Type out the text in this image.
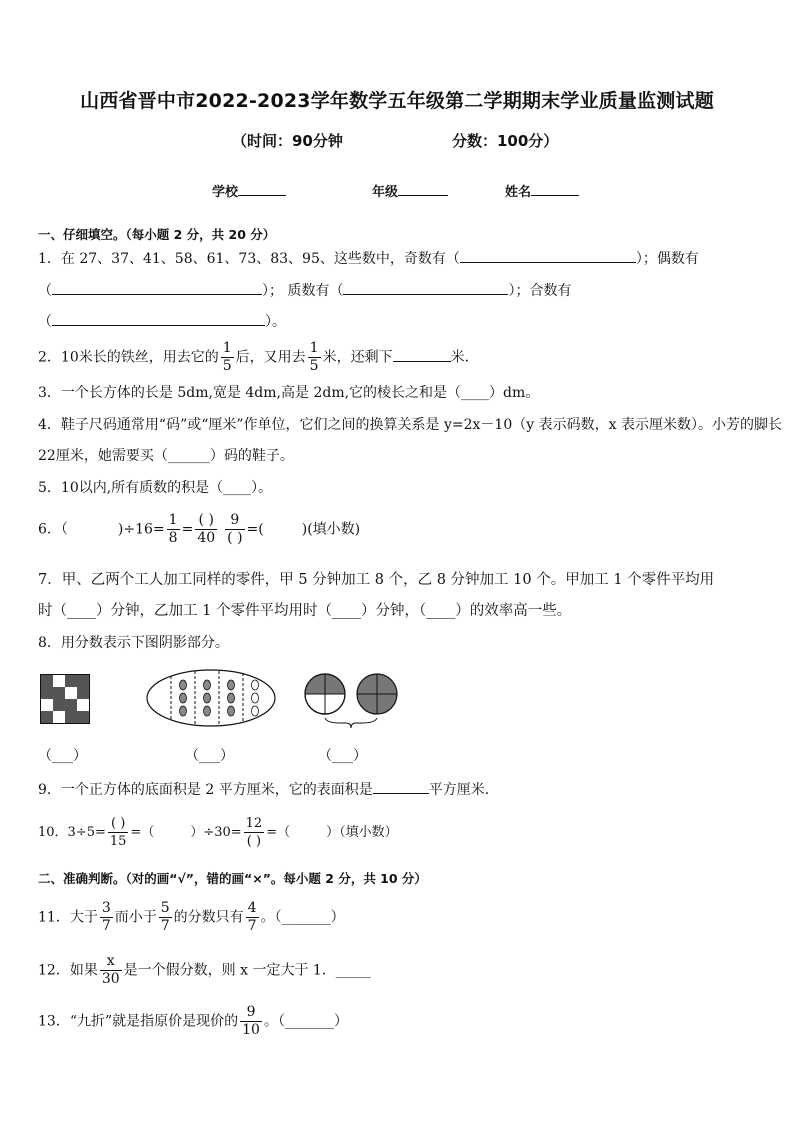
山西省晋中市2022-2023学年数学五年级第二学期期末学业质量监测试题
（时间：90分钟	分数：100分）
学校	年级	姓名
一、仔细填空。（每小题 2 分，共 20 分）
1．在 27、37、41、58、61、73、83、95、这些数中，奇数有（	）；偶数有
（	）； 质数有（	）；合数有
（	）。
2．10米长的铁丝，用去它的 $\frac{1}{5}$ 后，又用去 $\frac{1}{5}$ 米，还剩下	米．
3．一个长方体的长是 5dm,宽是 4dm,高是 2dm,它的棱长之和是（____）dm。
4．鞋子尺码通常用“码”或“厘米”作单位，它们之间的换算关系是 y=2x－10（y 表示码数，x 表示厘米数）。小芳的脚长
22厘米，她需要买（______）码的鞋子。
5．10以内,所有质数的积是（____）。
6．（	)$\div 16= \frac{1}{8} = \frac{( )}{40} \frac{9}{( )}$ =(	)(填小数)
7．甲、乙两个工人加工同样的零件，甲 5 分钟加工 8 个，乙 8 分钟加工 10 个。甲加工 1 个零件平均用
时（____）分钟，乙加工 1 个零件平均用时（____）分钟，（____）的效率高一些。
8．用分数表示下图阴影部分。
（___）	（___）	（___）
9．一个正方体的底面积是 2 平方厘米，它的表面积是	平方厘米．
10．$3\div 5= \frac{( )}{15}$ =（	）$\div 30= \frac{12}{( )}$ =（	）（填小数）
二、准确判断。（对的画“√”，错的画“×”。每小题 2 分，共 10 分）
11．大于 $\frac{3}{7}$ 而小于 $\frac{5}{7}$ 的分数只有 $\frac{4}{7}$ 。（_______）
12．如果 $\frac{x}{30}$ 是一个假分数，则 x 一定大于 1．_____
13．“九折”就是指原价是现价的 $\frac{9}{10}$ 。（_______）
